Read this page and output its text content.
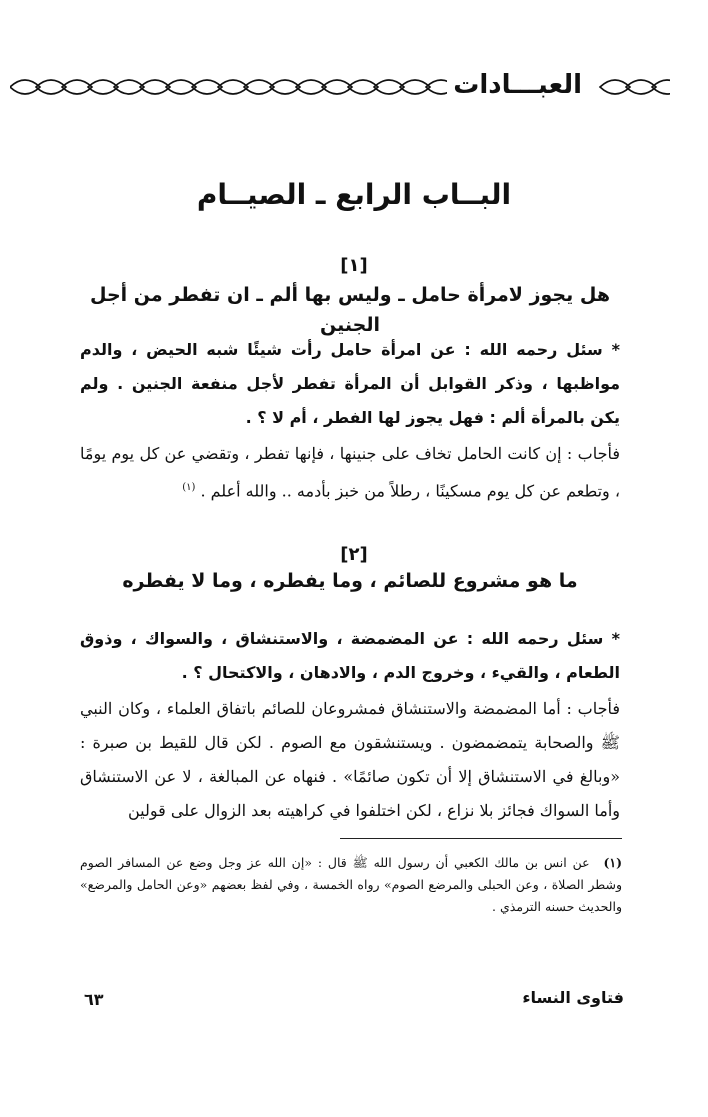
العبـــادات
البــاب الرابع ـ الصيــام
[١]
هل يجوز لامرأة حامل ـ وليس بها ألم ـ ان تفطر من أجل الجنين
* سئل رحمه الله : عن امرأة حامل رأت شيئًا شبه الحيض ، والدم مواظبها ، وذكر القوابل أن المرأة تفطر لأجل منفعة الجنين . ولم يكن بالمرأة ألم : فهل يجوز لها الفطر ، أم لا ؟ .
فأجاب : إن كانت الحامل تخاف على جنينها ، فإنها تفطر ، وتقضي عن كل يوم يومًا ، وتطعم عن كل يوم مسكينًا ، رطلاً من خبز بأدمه .. والله أعلم . $^{(١)}$
[٢]
ما هو مشروع للصائم ، وما يفطره ، وما لا يفطره
* سئل رحمه الله : عن المضمضة ، والاستنشاق ، والسواك ، وذوق الطعام ، والقيء ، وخروج الدم ، والادهان ، والاكتحال ؟ .
فأجاب : أما المضمضة والاستنشاق فمشروعان للصائم باتفاق العلماء ، وكان النبي ﷺ والصحابة يتمضمضون . ويستنشقون مع الصوم . لكن قال للقيط بن صبرة : «وبالغ في الاستنشاق إلا أن تكون صائمًا» . فنهاه عن المبالغة ، لا عن الاستنشاق وأما السواك فجائز بلا نزاع ، لكن اختلفوا في كراهيته بعد الزوال على قولين
(١) عن انس بن مالك الكعبي أن رسول الله ﷺ قال : «إن الله عز وجل وضع عن المسافر الصوم وشطر الصلاة ، وعن الحبلى والمرضع الصوم» رواه الخمسة ، وفي لفظ بعضهم «وعن الحامل والمرضع» والحديث حسنه الترمذي .
٦٣	فتاوى النساء
